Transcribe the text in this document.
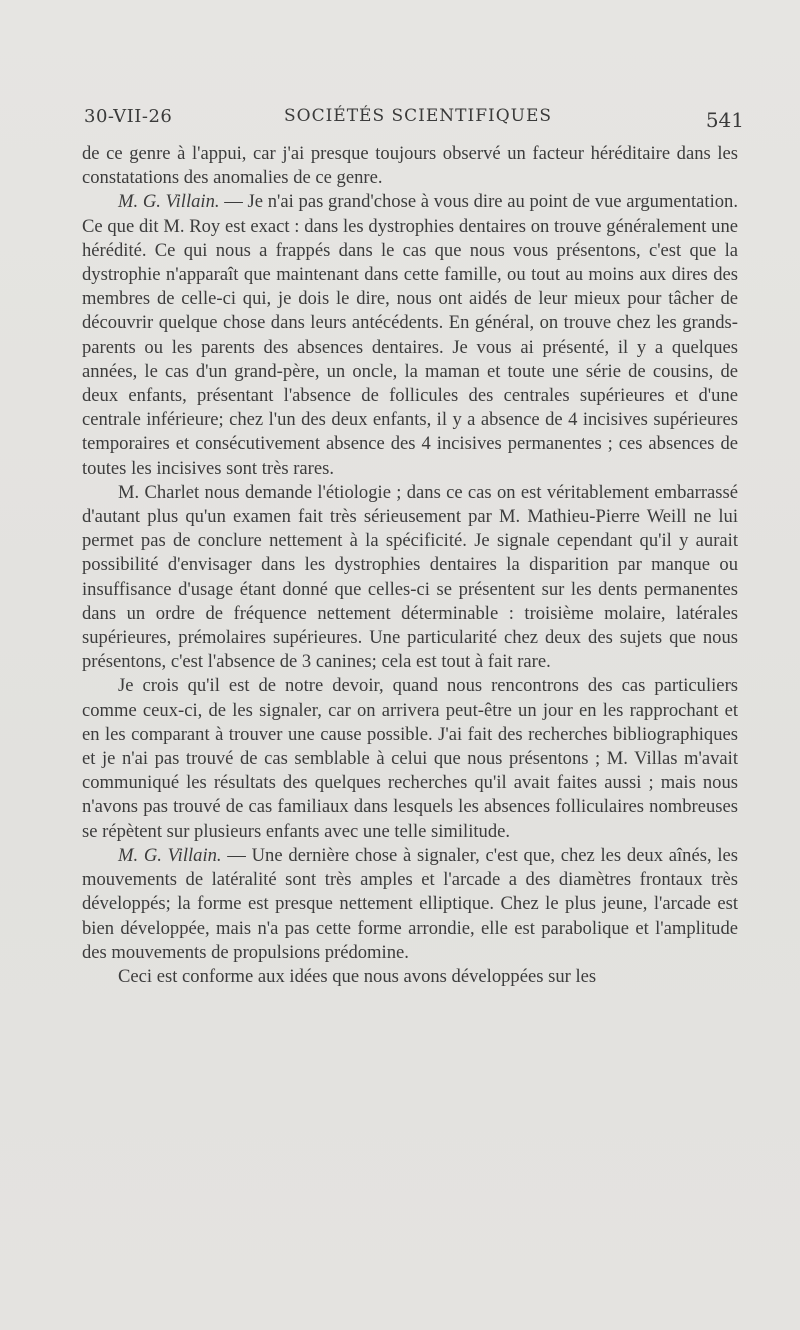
30-VII-26	SOCIÉTÉS SCIENTIFIQUES	541

de ce genre à l'appui, car j'ai presque toujours observé un facteur héréditaire dans les constatations des anomalies de ce genre.

M. G. Villain. — Je n'ai pas grand'chose à vous dire au point de vue argumentation. Ce que dit M. Roy est exact : dans les dystrophies dentaires on trouve généralement une hérédité. Ce qui nous a frappés dans le cas que nous vous présentons, c'est que la dystrophie n'apparaît que maintenant dans cette famille, ou tout au moins aux dires des membres de celle-ci qui, je dois le dire, nous ont aidés de leur mieux pour tâcher de découvrir quelque chose dans leurs antécédents. En général, on trouve chez les grands-parents ou les parents des absences dentaires. Je vous ai présenté, il y a quelques années, le cas d'un grand-père, un oncle, la maman et toute une série de cousins, de deux enfants, présentant l'absence de follicules des centrales supérieures et d'une centrale inférieure; chez l'un des deux enfants, il y a absence de 4 incisives supérieures temporaires et consécutivement absence des 4 incisives permanentes ; ces absences de toutes les incisives sont très rares.

M. Charlet nous demande l'étiologie ; dans ce cas on est véritablement embarrassé d'autant plus qu'un examen fait très sérieusement par M. Mathieu-Pierre Weill ne lui permet pas de conclure nettement à la spécificité. Je signale cependant qu'il y aurait possibilité d'envisager dans les dystrophies dentaires la disparition par manque ou insuffisance d'usage étant donné que celles-ci se présentent sur les dents permanentes dans un ordre de fréquence nettement déterminable : troisième molaire, latérales supérieures, prémolaires supérieures. Une particularité chez deux des sujets que nous présentons, c'est l'absence de 3 canines; cela est tout à fait rare.

Je crois qu'il est de notre devoir, quand nous rencontrons des cas particuliers comme ceux-ci, de les signaler, car on arrivera peut-être un jour en les rapprochant et en les comparant à trouver une cause possible. J'ai fait des recherches bibliographiques et je n'ai pas trouvé de cas semblable à celui que nous présentons ; M. Villas m'avait communiqué les résultats des quelques recherches qu'il avait faites aussi ; mais nous n'avons pas trouvé de cas familiaux dans lesquels les absences folliculaires nombreuses se répètent sur plusieurs enfants avec une telle similitude.

M. G. Villain. — Une dernière chose à signaler, c'est que, chez les deux aînés, les mouvements de latéralité sont très amples et l'arcade a des diamètres frontaux très développés; la forme est presque nettement elliptique. Chez le plus jeune, l'arcade est bien développée, mais n'a pas cette forme arrondie, elle est parabolique et l'amplitude des mouvements de propulsions prédomine.

Ceci est conforme aux idées que nous avons développées sur les
